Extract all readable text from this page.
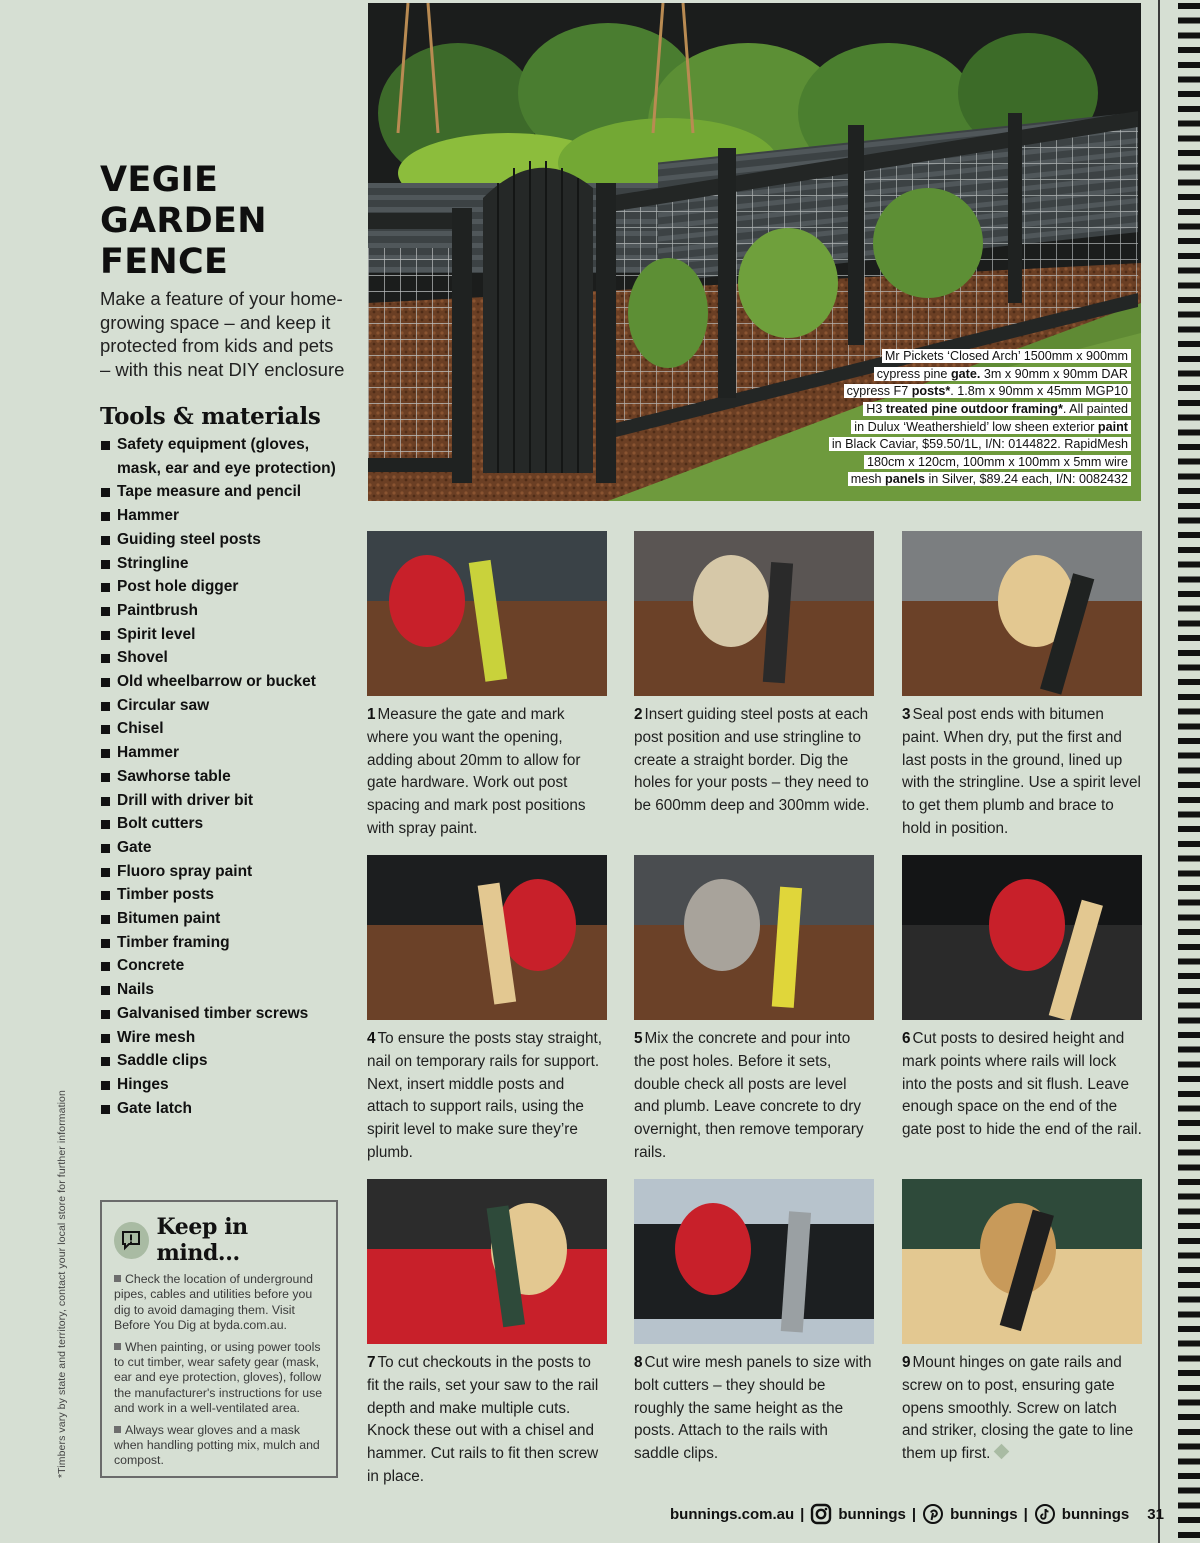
VEGIE
GARDEN
FENCE

Make a feature of your home-growing space – and keep it protected from kids and pets – with this neat DIY enclosure

Tools & materials
Safety equipment (gloves, mask, ear and eye protection)
Tape measure and pencil
Hammer
Guiding steel posts
Stringline
Post hole digger
Paintbrush
Spirit level
Shovel
Old wheelbarrow or bucket
Circular saw
Chisel
Hammer
Sawhorse table
Drill with driver bit
Bolt cutters
Gate
Fluoro spray paint
Timber posts
Bitumen paint
Timber framing
Concrete
Nails
Galvanised timber screws
Wire mesh
Saddle clips
Hinges
Gate latch
Keep in mind...

Check the location of underground pipes, cables and utilities before you dig to avoid damaging them. Visit Before You Dig at byda.com.au.

When painting, or using power tools to cut timber, wear safety gear (mask, ear and eye protection, gloves), follow the manufacturer's instructions for use and work in a well-ventilated area.

Always wear gloves and a mask when handling potting mix, mulch and compost.

*Timbers vary by state and territory, contact your local store for further information
Mr Pickets ‘Closed Arch’ 1500mm x 900mm
cypress pine gate. 3m x 90mm x 90mm DAR
cypress F7 posts*. 1.8m x 90mm x 45mm MGP10
H3 treated pine outdoor framing*. All painted
in Dulux ‘Weathershield’ low sheen exterior paint
in Black Caviar, $59.50/1L, I/N: 0144822. RapidMesh
180cm x 120cm, 100mm x 100mm x 5mm wire
mesh panels in Silver, $89.24 each, I/N: 0082432

1 Measure the gate and mark where you want the opening, adding about 20mm to allow for gate hardware. Work out post spacing and mark post positions with spray paint.

2 Insert guiding steel posts at each post position and use stringline to create a straight border. Dig the holes for your posts – they need to be 600mm deep and 300mm wide.

3 Seal post ends with bitumen paint. When dry, put the first and last posts in the ground, lined up with the stringline. Use a spirit level to get them plumb and brace to hold in position.

4 To ensure the posts stay straight, nail on temporary rails for support. Next, insert middle posts and attach to support rails, using the spirit level to make sure they’re plumb.

5 Mix the concrete and pour into the post holes. Before it sets, double check all posts are level and plumb. Leave concrete to dry overnight, then remove temporary rails.

6 Cut posts to desired height and mark points where rails will lock into the posts and sit flush. Leave enough space on the end of the gate post to hide the end of the rail.

7 To cut checkouts in the posts to fit the rails, set your saw to the rail depth and make multiple cuts. Knock these out with a chisel and hammer. Cut rails to fit then screw in place.

8 Cut wire mesh panels to size with bolt cutters – they should be roughly the same height as the posts. Attach to the rails with saddle clips.

9 Mount hinges on gate rails and screw on to post, ensuring gate opens smoothly. Screw on latch and striker, closing the gate to line them up first.

bunnings.com.au | bunnings | bunnings | bunnings 31
